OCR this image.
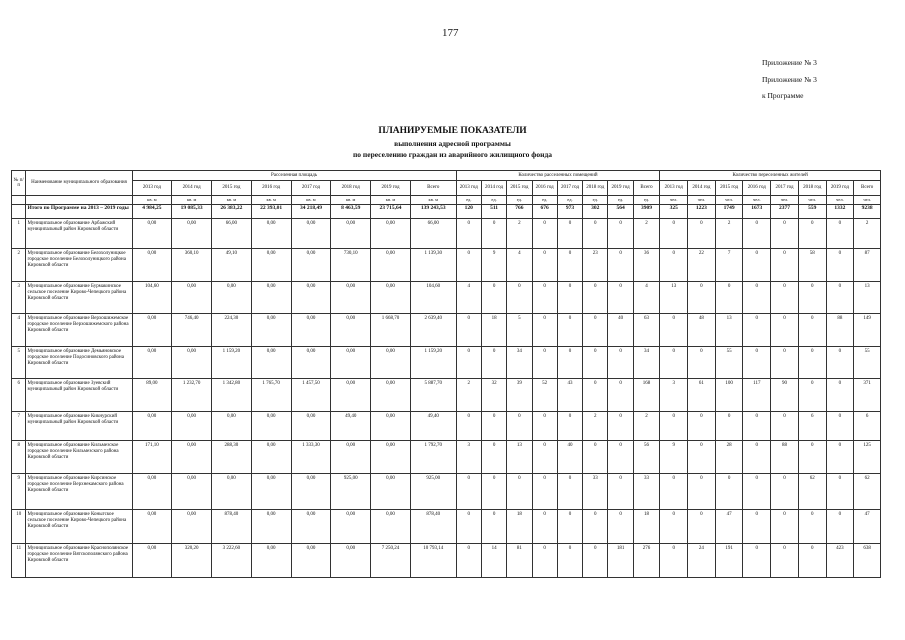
177
Приложение № 3
Приложение № 3
к Программе
ПЛАНИРУЕМЫЕ ПОКАЗАТЕЛИ
выполнения адресной программы
по переселению граждан из аварийного жилищного фонда
№ п/п	Наименование муниципального образования	Расселенная площадь								Количество расселенных помещений								Количество переселенных жителей							
		2013 год	2014 год	2015 год	2016 год	2017 год	2018 год	2019 год	Всего	2013 год	2014 год	2015 год	2016 год	2017 год	2018 год	2019 год	Всего	2013 год	2014 год	2015 год	2016 год	2017 год	2018 год	2019 год	Всего
		кв. м	кв. м	кв. м	кв. м	кв. м	кв. м	кв. м	кв. м	ед.	ед.	ед.	ед.	ед.	ед.	ед.	ед.	чел.	чел.	чел.	чел.	чел.	чел.	чел.	чел.
	Итого по Программе на 2013 – 2019 годы	4 984,25	19 085,33	26 383,22	22 393,01	34 218,49	8 463,59	23 715,64	139 243,53	120	511	766	676	973	302	564	3909	325	1223	1749	1673	2377	559	1332	9238
1	Муниципальное образование Арбажский муниципальный район Кировской области	0,00	0,00	66,00	0,00	0,00	0,00	0,00	66,00	0	0	2	0	0	0	0	2	0	0	2	0	0	0	0	2
2	Муниципальное образование Белохолуницкое городское поселение Белохолуницкого района Кировской области	0,00	360,10	49,10	0,00	0,00	730,10	0,00	1 139,30	0	9	4	0	0	23	0	36	0	22	7	0	0	58	0	87
3	Муниципальное образование Бурмакинское сельское поселение Кирово-Чепецкого района Кировской области	104,60	0,00	0,00	0,00	0,00	0,00	0,00	104,60	4	0	0	0	0	0	0	4	13	0	0	0	0	0	0	13
4	Муниципальное образование Верхошижемское городское поселение Верхошижемского района Кировской области	0,00	746,40	224,30	0,00	0,00	0,00	1 668,70	2 639,40	0	18	5	0	0	0	40	63	0	48	13	0	0	0	88	149
5	Муниципальное образование Демьяновское городское поселение Подосиновского района Кировской области	0,00	0,00	1 159,20	0,00	0,00	0,00	0,00	1 159,20	0	0	34	0	0	0	0	34	0	0	55	0	0	0	0	55
6	Муниципальное образование Зуевский муниципальный район Кировской области	89,00	1 232,70	1 342,80	1 765,70	1 457,50	0,00	0,00	5 887,70	2	32	39	52	43	0	0	168	3	61	100	117	90	0	0	371
7	Муниципальное образование Кикнурский муниципальный район Кировской области	0,00	0,00	0,00	0,00	0,00	49,40	0,00	49,40	0	0	0	0	0	2	0	2	0	0	0	0	0	6	0	6
8	Муниципальное образование Кильмезское городское поселение Кильмезского района Кировской области	171,10	0,00	288,30	0,00	1 333,30	0,00	0,00	1 792,70	3	0	13	0	40	0	0	56	9	0	28	0	88	0	0	125
9	Муниципальное образование Кирсинское городское поселение Верхнекамского района Кировской области	0,00	0,00	0,00	0,00	0,00	925,00	0,00	925,00	0	0	0	0	0	33	0	33	0	0	0	0	0	62	0	62
10	Муниципальное образование Коныгское сельское поселение Кирово-Чепецкого района Кировской области	0,00	0,00	878,40	0,00	0,00	0,00	0,00	878,40	0	0	18	0	0	0	0	18	0	0	47	0	0	0	0	47
11	Муниципальное образование Краснополянское городское поселение Вятскополянского района Кировской области	0,00	320,20	3 222,60	0,00	0,00	0,00	7 250,24	10 793,14	0	14	81	0	0	0	181	276	0	24	191	0	0	0	423	638
